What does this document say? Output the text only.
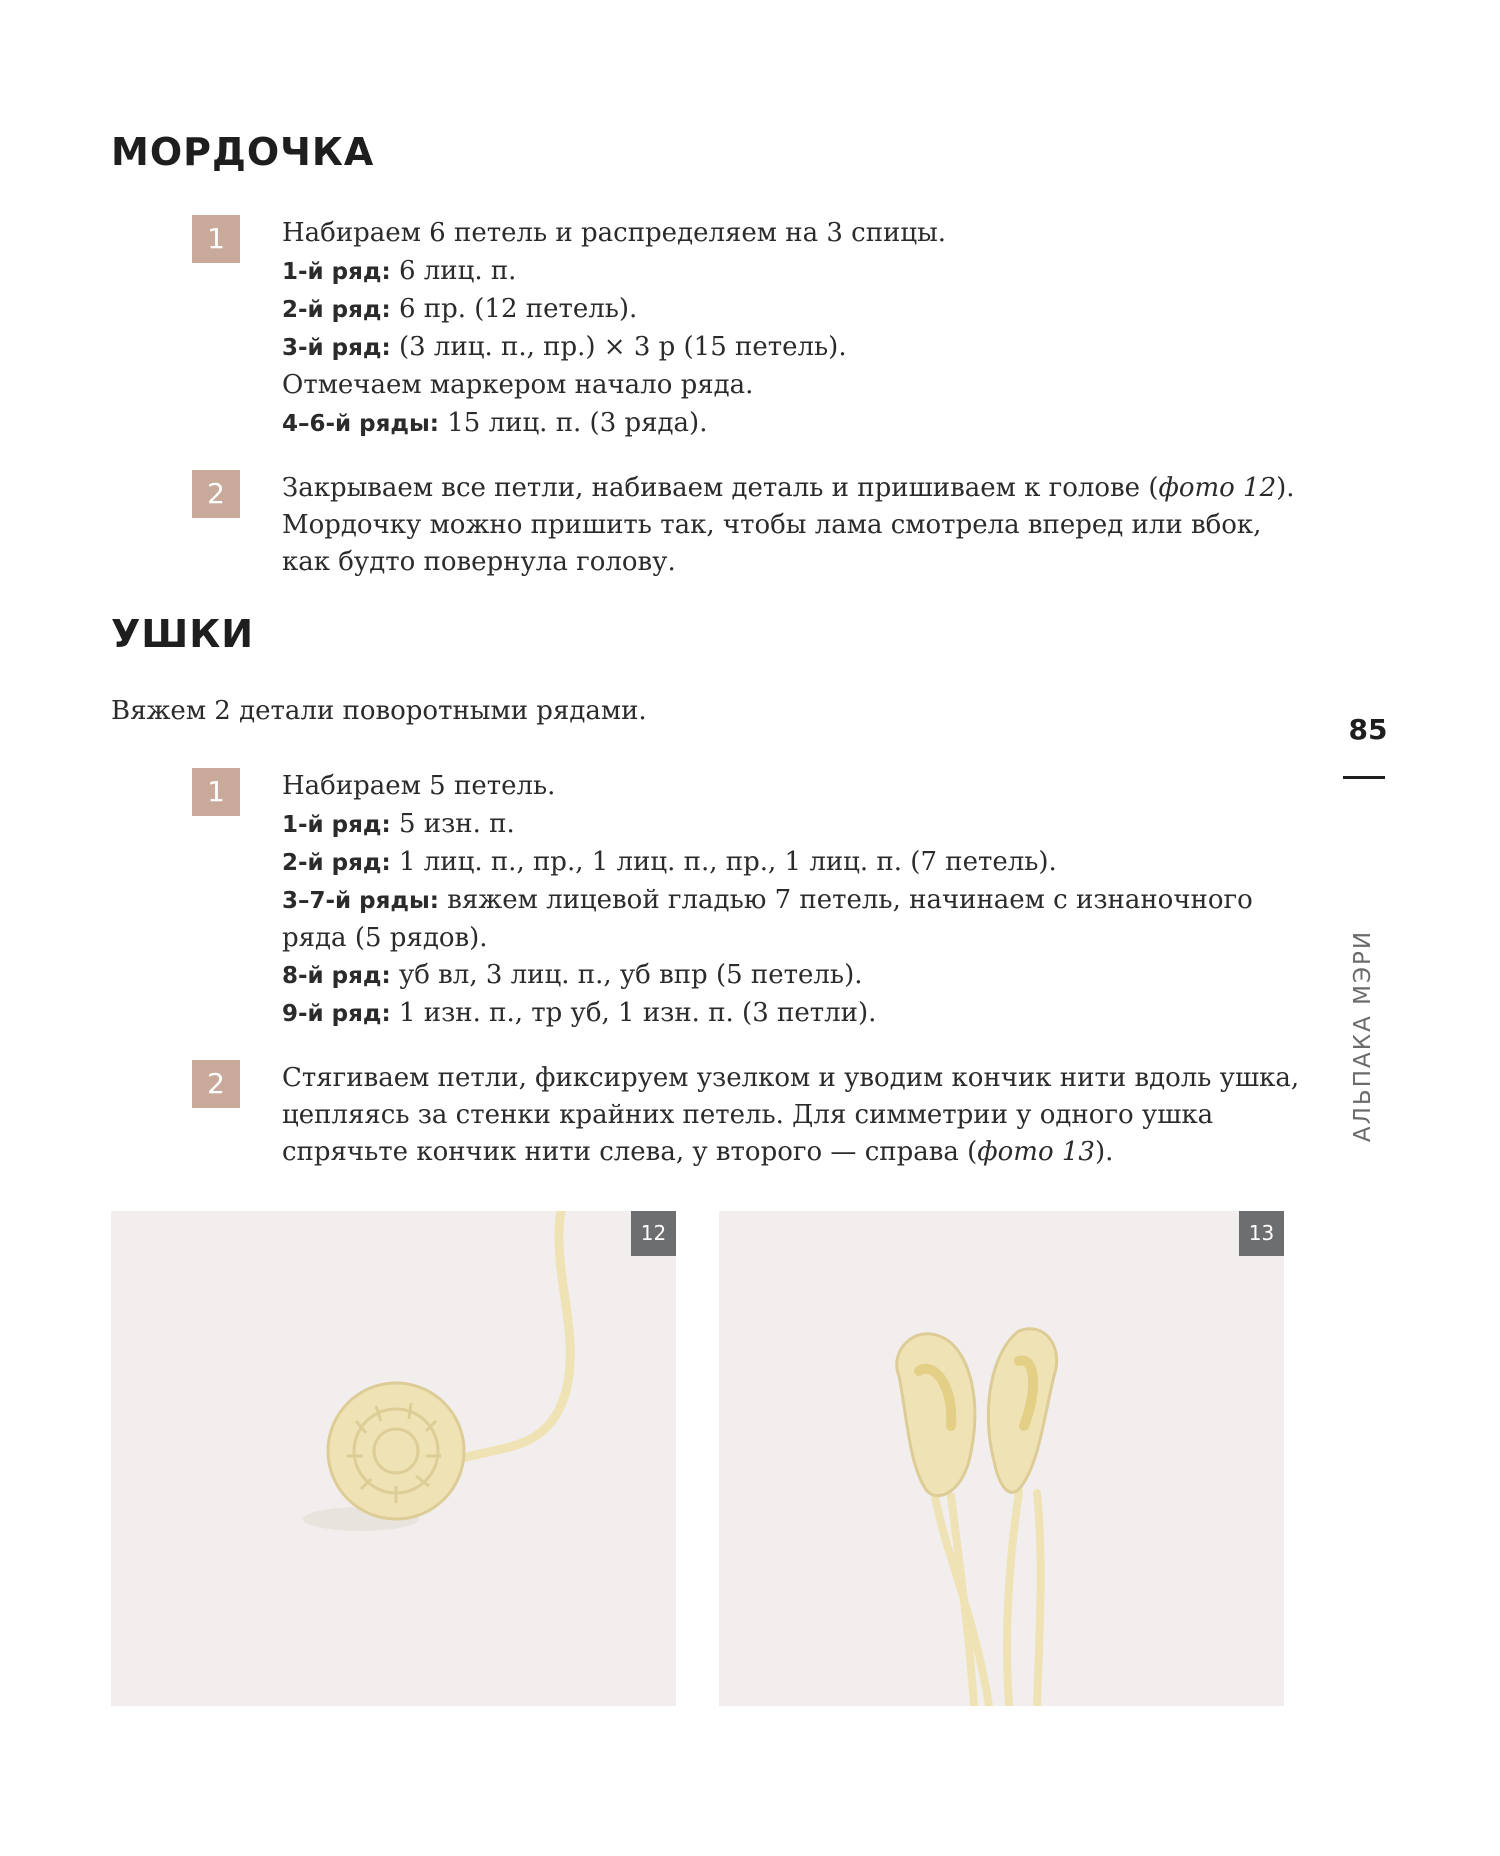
МОРДОЧКА
1	Набираем 6 петель и распределяем на 3 спицы.

1-й ряд: 6 лиц. п.

2-й ряд: 6 пр. (12 петель).

3-й ряд: (3 лиц. п., пр.) × 3 р (15 петель).

Отмечаем маркером начало ряда.

4–6-й ряды: 15 лиц. п. (3 ряда).

2	Закрываем все петли, набиваем деталь и пришиваем к голове (фото 12). Мордочку можно пришить так, чтобы лама смотрела вперед или вбок, как будто повернула голову.

УШКИ

Вяжем 2 детали поворотными рядами.

1	Набираем 5 петель.

1-й ряд: 5 изн. п.

2-й ряд: 1 лиц. п., пр., 1 лиц. п., пр., 1 лиц. п. (7 петель).

3–7-й ряды: вяжем лицевой гладью 7 петель, начинаем с изнаночного ряда (5 рядов).

8-й ряд: уб вл, 3 лиц. п., уб впр (5 петель).

9-й ряд: 1 изн. п., тр уб, 1 изн. п. (3 петли).

2	Стягиваем петли, фиксируем узелком и уводим кончик нити вдоль ушка, цепляясь за стенки крайних петель. Для симметрии у одного ушка спрячьте кончик нити слева, у второго — справа (фото 13).

12	13
85
АЛЬПАКА МЭРИ
